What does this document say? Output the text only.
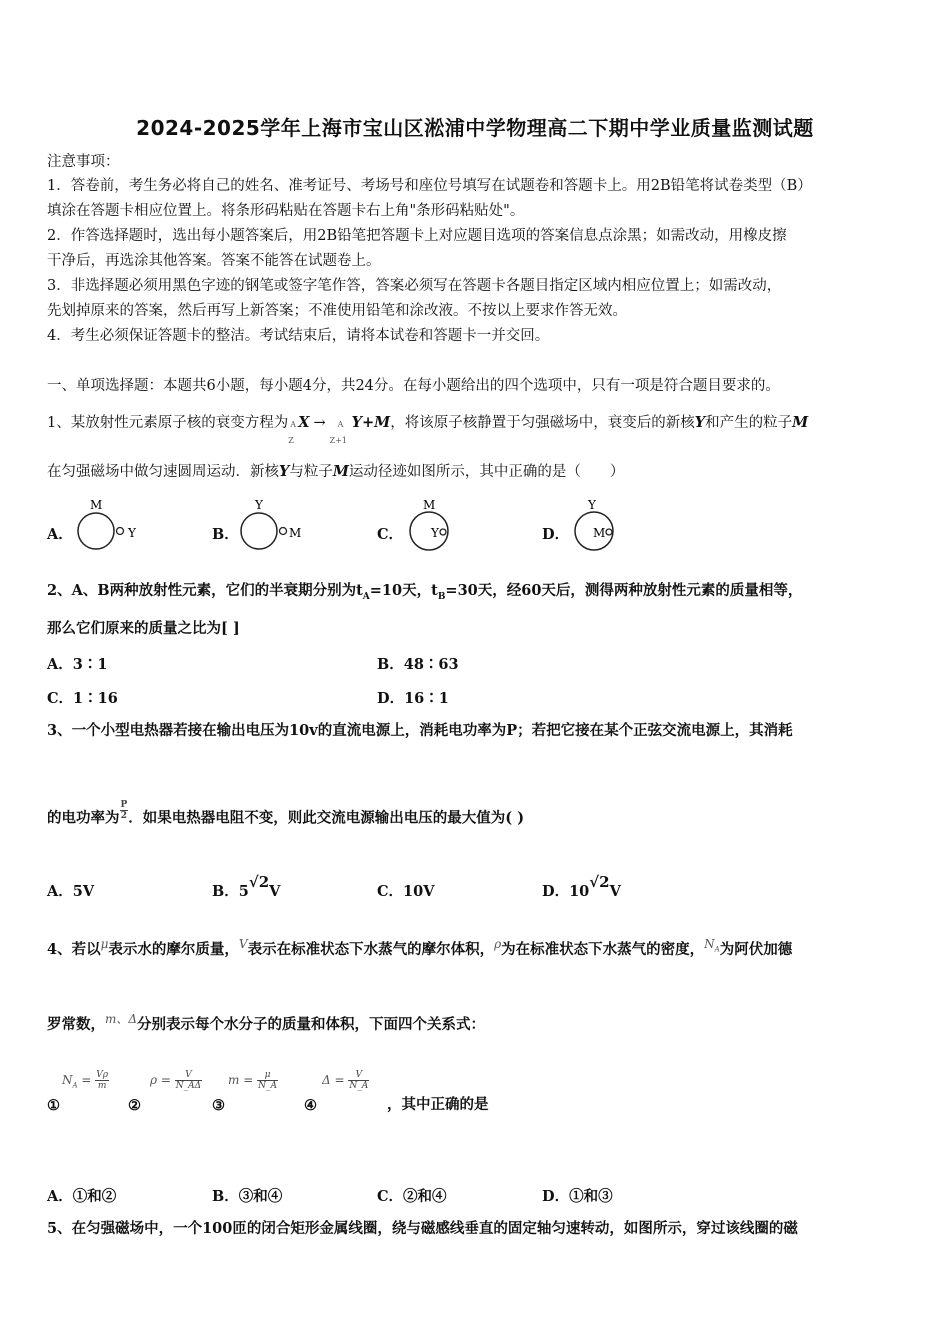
2024-2025学年上海市宝山区淞浦中学物理高二下期中学业质量监测试题
注意事项：
1．答卷前，考生务必将自己的姓名、准考证号、考场号和座位号填写在试题卷和答题卡上。用2B铅笔将试卷类型（B）
填涂在答题卡相应位置上。将条形码粘贴在答题卡右上角"条形码粘贴处"。
2．作答选择题时，选出每小题答案后，用2B铅笔把答题卡上对应题目选项的答案信息点涂黑；如需改动，用橡皮擦
干净后，再选涂其他答案。答案不能答在试题卷上。
3．非选择题必须用黑色字迹的钢笔或签字笔作答，答案必须写在答题卡各题目指定区域内相应位置上；如需改动，
先划掉原来的答案，然后再写上新答案；不准使用铅笔和涂改液。不按以上要求作答无效。
4．考生必须保证答题卡的整洁。考试结束后，请将本试卷和答题卡一并交回。
一、单项选择题：本题共6小题，每小题4分，共24分。在每小题给出的四个选项中，只有一项是符合题目要求的。
1、某放射性元素原子核的衰变方程为 A
Z
X → A
Z+1
Y+M，将该原子核静置于匀强磁场中，衰变后的新核Y和产生的粒子M
在匀强磁场中做匀速圆周运动．新核Y与粒子M运动径迹如图所示，其中正确的是（　　）
A．
M
Y	B．
Y
M	C．
M
Y	D．
Y
M
2、A、B两种放射性元素，它们的半衰期分别为$t_A=10$天，$t_B=30$天，经60天后，测得两种放射性元素的质量相等，
那么它们原来的质量之比为[ ]
A．3∶1	B．48∶63
C．1∶16	D．16∶1
3、一个小型电热器若接在输出电压为10v的直流电源上，消耗电功率为P；若把它接在某个正弦交流电源上，其消耗
的电功率为 $\frac{P}{2}$ ．如果电热器电阻不变，则此交流电源输出电压的最大值为( )
A．5V	B．5√2V	C．10V	D．10√2V
4、若以$^\mu$表示水的摩尔质量，$^V$表示在标准状态下水蒸气的摩尔体积，$^\rho$为在标准状态下水蒸气的密度，$^{N_A}$为阿伏加德
罗常数，$^{m、\Delta}$分别表示每个水分子的质量和体积，下面四个关系式：
$N_A = \frac{V\rho}{m}$
①	②
$\rho = \frac{V}{N\_A\Delta}$
③
$m = \frac{\mu}{N\_A}$
④
$\Delta = \frac{V}{N\_A}$
，其中正确的是
A．①和②	B．③和④	C．②和④	D．①和③
5、在匀强磁场中，一个100匝的闭合矩形金属线圈，绕与磁感线垂直的固定轴匀速转动，如图所示，穿过该线圈的磁
